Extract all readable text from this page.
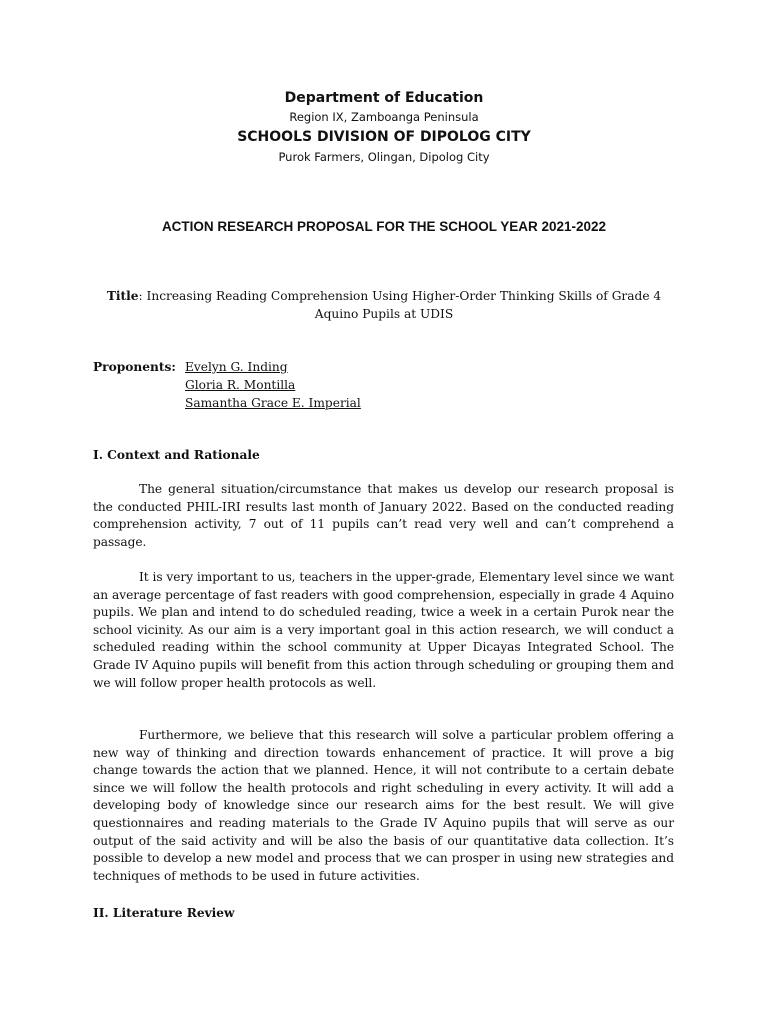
Department of Education
Region IX, Zamboanga Peninsula
SCHOOLS DIVISION OF DIPOLOG CITY
Purok Farmers, Olingan, Dipolog City
ACTION RESEARCH PROPOSAL FOR THE SCHOOL YEAR 2021-2022
Title: Increasing Reading Comprehension Using Higher-Order Thinking Skills of Grade 4 Aquino Pupils at UDIS
Proponents: Evelyn G. Inding
Gloria R. Montilla
Samantha Grace E. Imperial
I. Context and Rationale
The general situation/circumstance that makes us develop our research proposal is the conducted PHIL-IRI results last month of January 2022. Based on the conducted reading comprehension activity, 7 out of 11 pupils can’t read very well and can’t comprehend a passage.
It is very important to us, teachers in the upper-grade, Elementary level since we want an average percentage of fast readers with good comprehension, especially in grade 4 Aquino pupils. We plan and intend to do scheduled reading, twice a week in a certain Purok near the school vicinity. As our aim is a very important goal in this action research, we will conduct a scheduled reading within the school community at Upper Dicayas Integrated School. The Grade IV Aquino pupils will benefit from this action through scheduling or grouping them and we will follow proper health protocols as well.
Furthermore, we believe that this research will solve a particular problem offering a new way of thinking and direction towards enhancement of practice. It will prove a big change towards the action that we planned. Hence, it will not contribute to a certain debate since we will follow the health protocols and right scheduling in every activity. It will add a developing body of knowledge since our research aims for the best result. We will give questionnaires and reading materials to the Grade IV Aquino pupils that will serve as our output of the said activity and will be also the basis of our quantitative data collection. It’s possible to develop a new model and process that we can prosper in using new strategies and techniques of methods to be used in future activities.
II. Literature Review
